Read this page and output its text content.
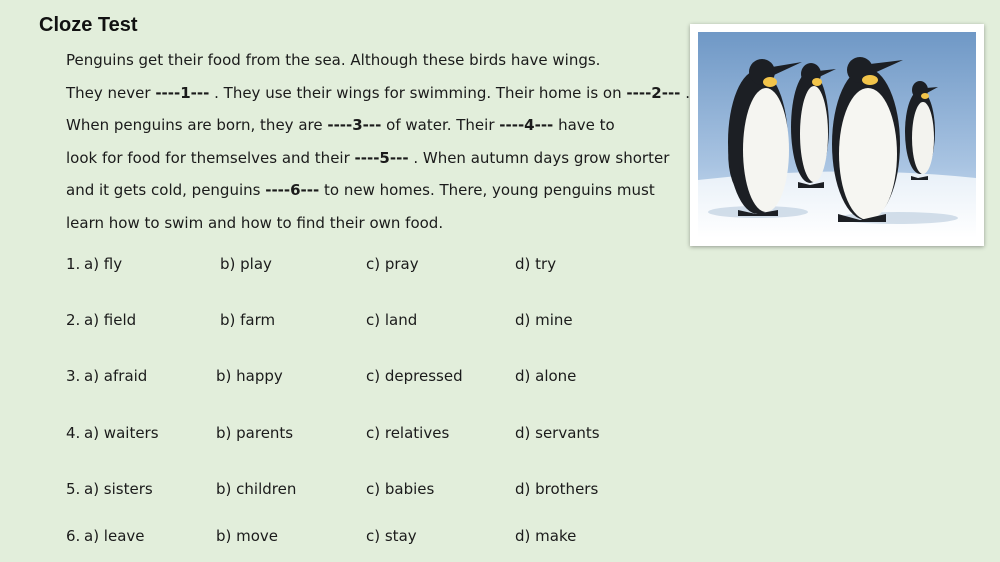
Cloze Test
Penguins get their food from the sea. Although these birds have wings.
They never ----1--- . They use their wings for swimming. Their home is on ----2--- .
When penguins are born, they are ----3--- of water. Their ----4--- have to
look for food for themselves and their ----5--- . When autumn days grow shorter
and it gets cold, penguins ----6--- to new homes. There, young penguins must
learn how to swim and how to find their own food.
1. a) fly	b) play	c) pray	d) try
2. a) field	b) farm	c) land	d) mine
3. a) afraid	b) happy	c) depressed	d) alone
4. a) waiters	b) parents	c) relatives	d) servants
5. a) sisters	b) children	c) babies	d) brothers
6. a) leave	b) move	c) stay	d) make
